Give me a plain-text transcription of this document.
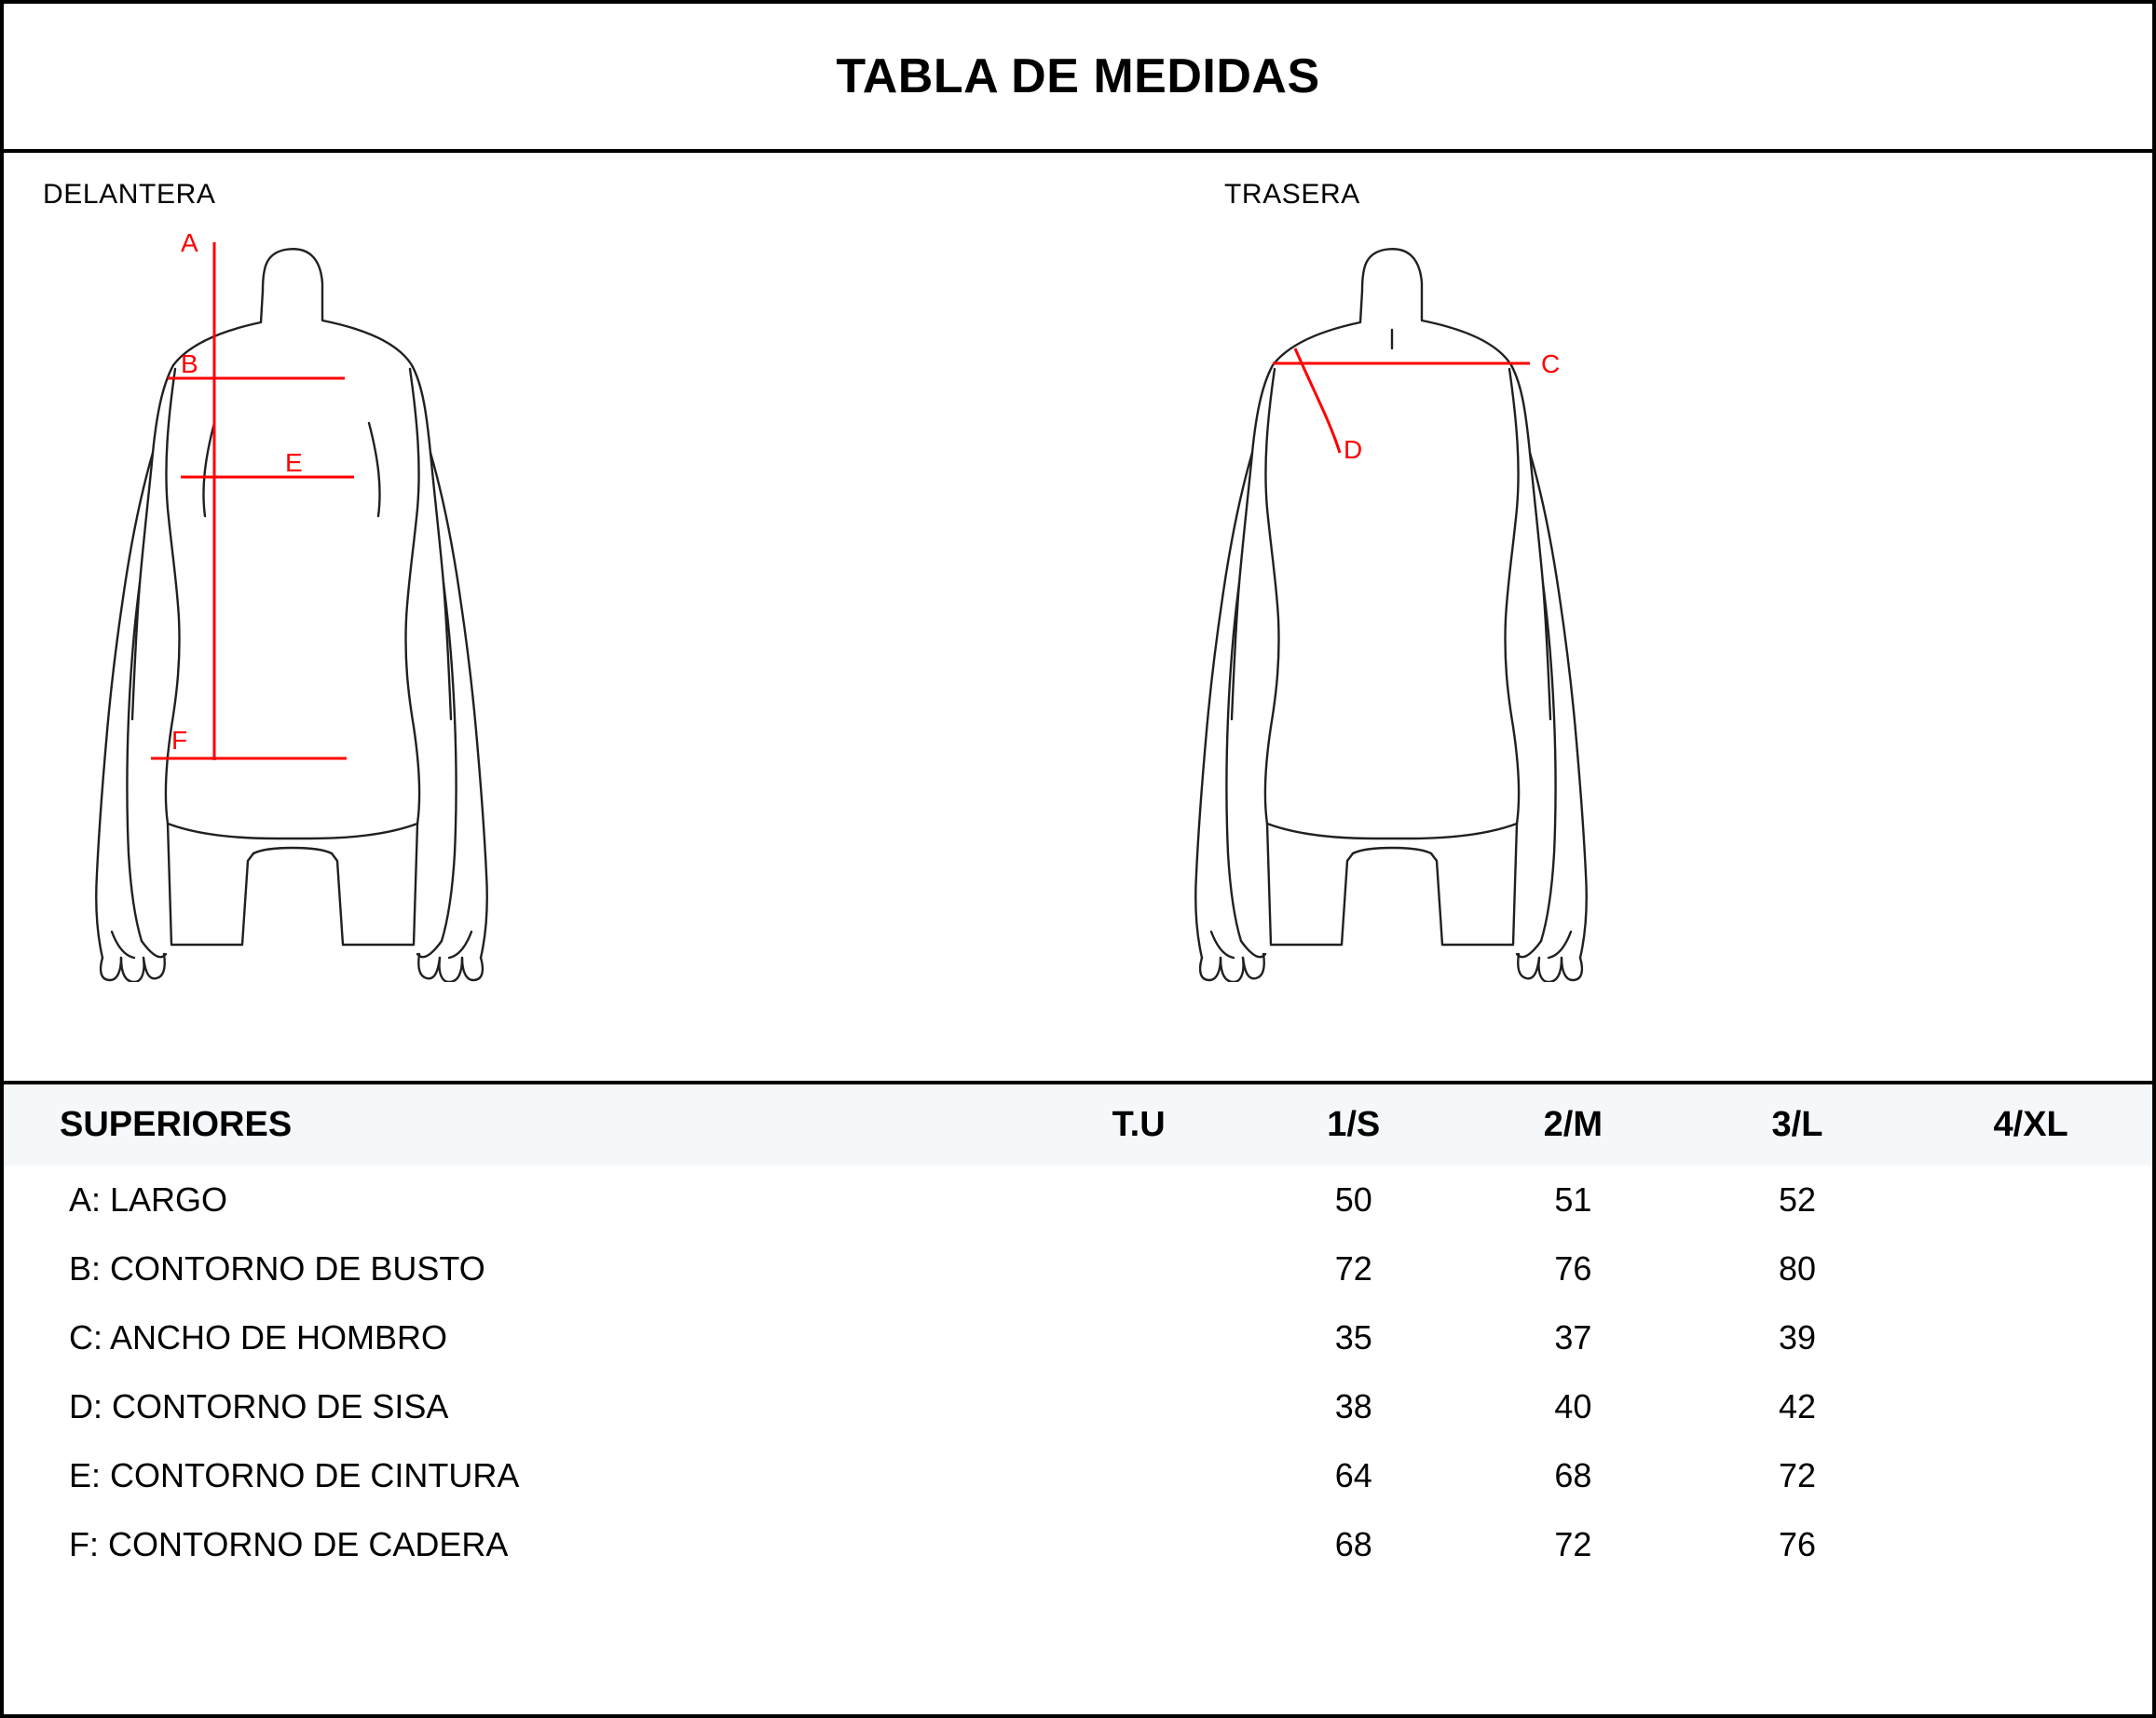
TABLA DE MEDIDAS
DELANTERA	TRASERA
A
B
E
F
C
D
SUPERIORES	T.U	1/S	2/M	3/L	4/XL
A: LARGO		50	51	52	
B: CONTORNO DE BUSTO		72	76	80	
C: ANCHO DE HOMBRO		35	37	39	
D: CONTORNO DE SISA		38	40	42	
E: CONTORNO DE CINTURA		64	68	72	
F: CONTORNO DE CADERA		68	72	76	
